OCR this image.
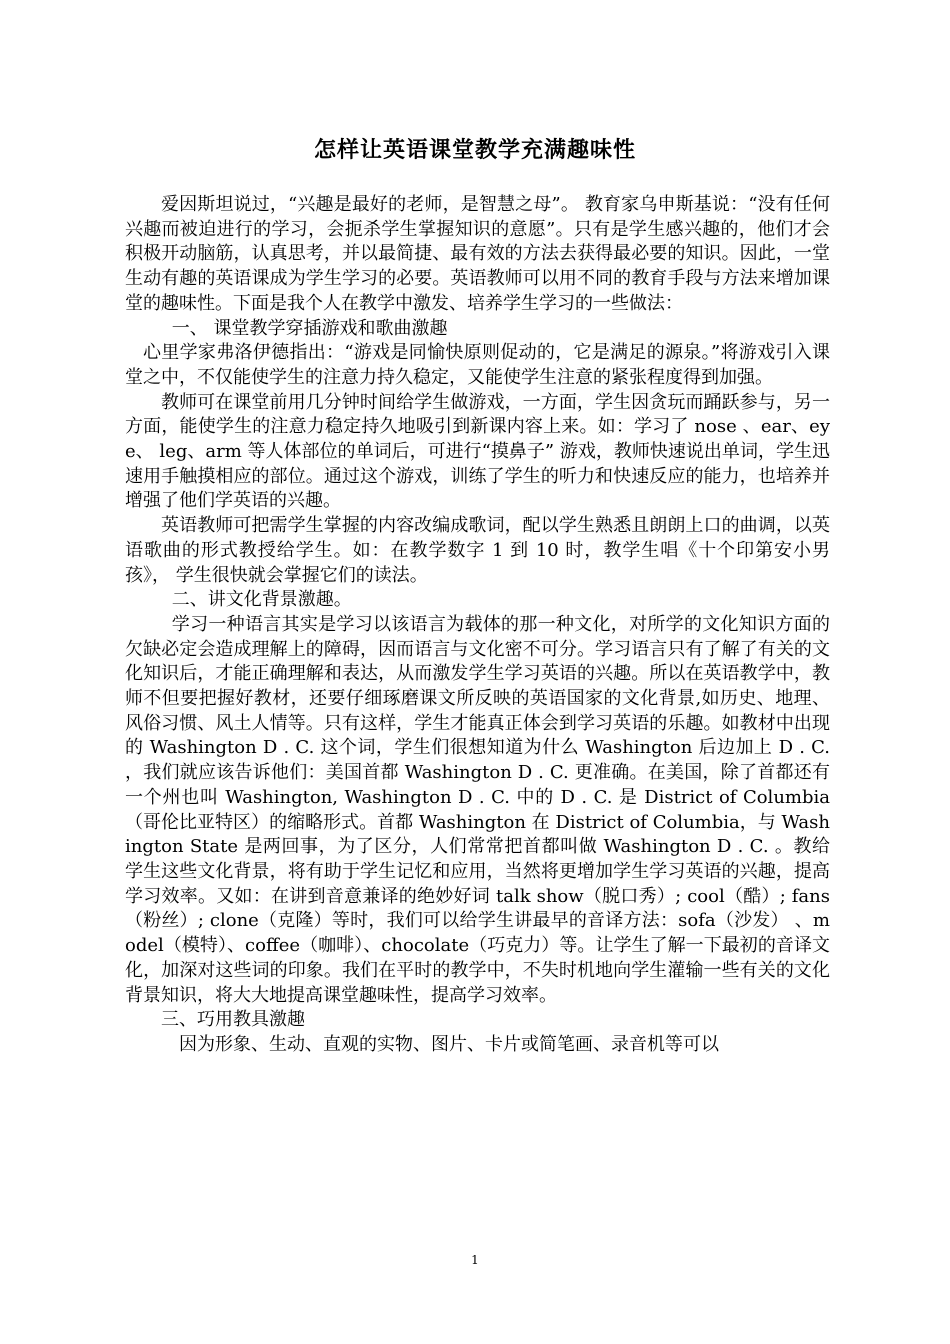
怎样让英语课堂教学充满趣味性

爱因斯坦说过，“兴趣是最好的老师，是智慧之母”。 教育家乌申斯基说：“没有任何兴趣而被迫进行的学习，会扼杀学生掌握知识的意愿”。只有是学生感兴趣的，他们才会积极开动脑筋，认真思考，并以最简捷、最有效的方法去获得最必要的知识。因此，一堂生动有趣的英语课成为学生学习的必要。英语教师可以用不同的教育手段与方法来增加课堂的趣味性。下面是我个人在教学中激发、培养学生学习的一些做法：

一、 课堂教学穿插游戏和歌曲激趣

心里学家弗洛伊德指出：“游戏是同愉快原则促动的，它是满足的源泉。”将游戏引入课堂之中，不仅能使学生的注意力持久稳定，又能使学生注意的紧张程度得到加强。

教师可在课堂前用几分钟时间给学生做游戏，一方面，学生因贪玩而踊跃参与，另一方面，能使学生的注意力稳定持久地吸引到新课内容上来。如：学习了 nose 、ear、eye、 leg、arm 等人体部位的单词后，可进行“摸鼻子” 游戏，教师快速说出单词，学生迅速用手触摸相应的部位。通过这个游戏，训练了学生的听力和快速反应的能力，也培养并增强了他们学英语的兴趣。

英语教师可把需学生掌握的内容改编成歌词，配以学生熟悉且朗朗上口的曲调，以英语歌曲的形式教授给学生。如：在教学数字 1 到 10 时，教学生唱《十个印第安小男孩》， 学生很快就会掌握它们的读法。

二、讲文化背景激趣。

学习一种语言其实是学习以该语言为载体的那一种文化，对所学的文化知识方面的欠缺必定会造成理解上的障碍，因而语言与文化密不可分。学习语言只有了解了有关的文化知识后，才能正确理解和表达，从而激发学生学习英语的兴趣。所以在英语教学中，教师不但要把握好教材，还要仔细琢磨课文所反映的英语国家的文化背景,如历史、地理、风俗习惯、风土人情等。只有这样，学生才能真正体会到学习英语的乐趣。如教材中出现的 Washington D . C. 这个词，学生们很想知道为什么 Washington 后边加上 D . C. ，我们就应该告诉他们：美国首都 Washington D . C. 更准确。在美国，除了首都还有一个州也叫 Washington, Washington D . C. 中的 D . C. 是 District of Columbia（哥伦比亚特区）的缩略形式。首都 Washington 在 District of Columbia，与 Washington State 是两回事，为了区分，人们常常把首都叫做 Washington D . C. 。教给学生这些文化背景，将有助于学生记忆和应用，当然将更增加学生学习英语的兴趣，提高学习效率。又如：在讲到音意兼译的绝妙好词 talk show（脱口秀）; cool（酷）; fans（粉丝）; clone（克隆）等时，我们可以给学生讲最早的音译方法：sofa（沙发） 、model（模特）、coffee（咖啡）、chocolate（巧克力）等。让学生了解一下最初的音译文化，加深对这些词的印象。我们在平时的教学中，不失时机地向学生灌输一些有关的文化背景知识，将大大地提高课堂趣味性，提高学习效率。

三、巧用教具激趣

因为形象、生动、直观的实物、图片、卡片或简笔画、录音机等可以

1
